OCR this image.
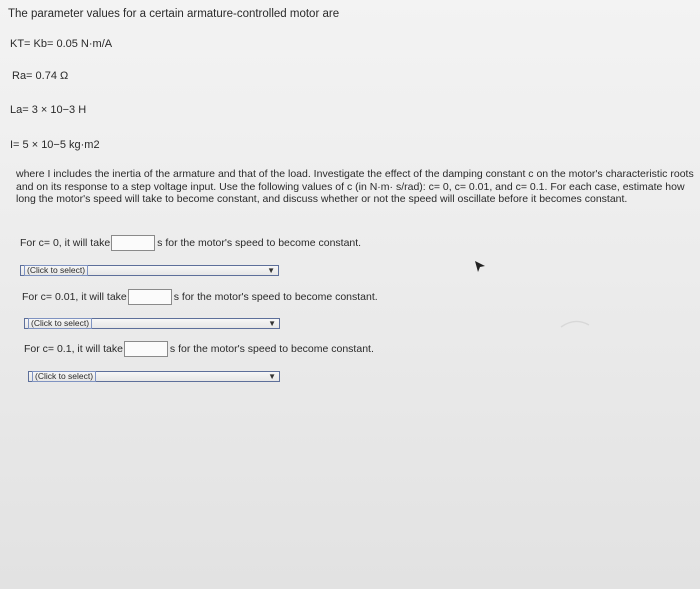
The parameter values for a certain armature-controlled motor are
KT= Kb= 0.05 N·m/A
Ra= 0.74 Ω
La= 3 × 10−3 H
I= 5 × 10−5 kg·m2
where I includes the inertia of the armature and that of the load. Investigate the effect of the damping constant c on the motor's characteristic roots and on its response to a step voltage input. Use the following values of c (in N·m· s/rad): c= 0, c= 0.01, and c= 0.1. For each case, estimate how long the motor's speed will take to become constant, and discuss whether or not the speed will oscillate before it becomes constant.
For c= 0, it will take	s for the motor's speed to become constant.
(Click to select)	▼
For c= 0.01, it will take	s for the motor's speed to become constant.
(Click to select)	▼
For c= 0.1, it will take	s for the motor's speed to become constant.
(Click to select)	▼
